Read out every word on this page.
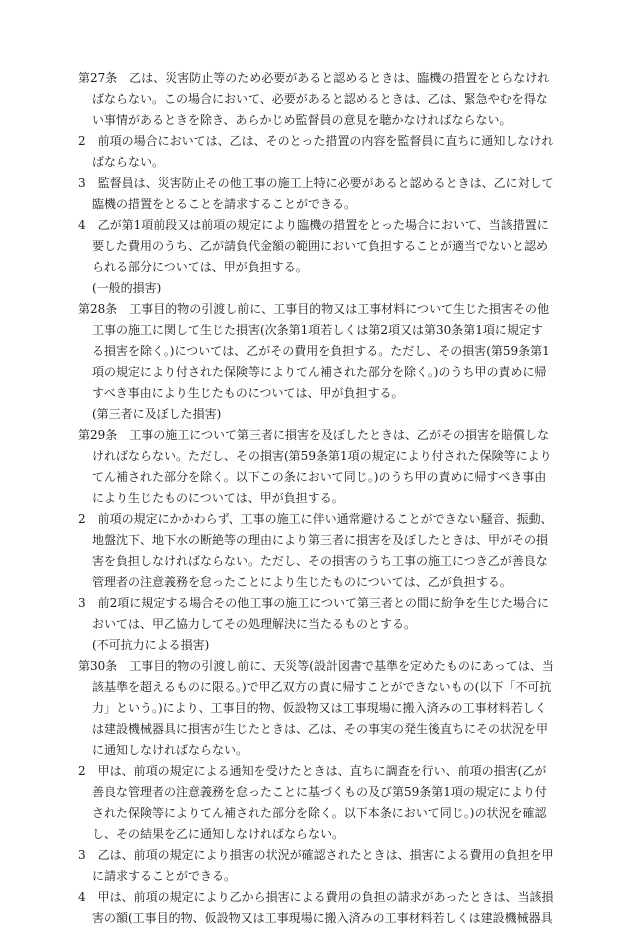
第27条　乙は、災害防止等のため必要があると認めるときは、臨機の措置をとらなければならない。この場合において、必要があると認めるときは、乙は、緊急やむを得ない事情があるときを除き、あらかじめ監督員の意見を聴かなければならない。

2　前項の場合においては、乙は、そのとった措置の内容を監督員に直ちに通知しなければならない。

3　監督員は、災害防止その他工事の施工上特に必要があると認めるときは、乙に対して臨機の措置をとることを請求することができる。

4　乙が第1項前段又は前項の規定により臨機の措置をとった場合において、当該措置に要した費用のうち、乙が請負代金額の範囲において負担することが適当でないと認められる部分については、甲が負担する。

(一般的損害)

第28条　工事目的物の引渡し前に、工事目的物又は工事材料について生じた損害その他工事の施工に関して生じた損害(次条第1項若しくは第2項又は第30条第1項に規定する損害を除く。)については、乙がその費用を負担する。ただし、その損害(第59条第1項の規定により付された保険等によりてん補された部分を除く。)のうち甲の責めに帰すべき事由により生じたものについては、甲が負担する。

(第三者に及ぼした損害)

第29条　工事の施工について第三者に損害を及ぼしたときは、乙がその損害を賠償しなければならない。ただし、その損害(第59条第1項の規定により付された保険等によりてん補された部分を除く。以下この条において同じ。)のうち甲の責めに帰すべき事由により生じたものについては、甲が負担する。

2　前項の規定にかかわらず、工事の施工に伴い通常避けることができない騒音、振動、地盤沈下、地下水の断絶等の理由により第三者に損害を及ぼしたときは、甲がその損害を負担しなければならない。ただし、その損害のうち工事の施工につき乙が善良な管理者の注意義務を怠ったことにより生じたものについては、乙が負担する。

3　前2項に規定する場合その他工事の施工について第三者との間に紛争を生じた場合においては、甲乙協力してその処理解決に当たるものとする。

(不可抗力による損害)

第30条　工事目的物の引渡し前に、天災等(設計図書で基準を定めたものにあっては、当該基準を超えるものに限る。)で甲乙双方の責に帰すことができないもの(以下「不可抗力」という。)により、工事目的物、仮設物又は工事現場に搬入済みの工事材料若しくは建設機械器具に損害が生じたときは、乙は、その事実の発生後直ちにその状況を甲に通知しなければならない。

2　甲は、前項の規定による通知を受けたときは、直ちに調査を行い、前項の損害(乙が善良な管理者の注意義務を怠ったことに基づくもの及び第59条第1項の規定により付された保険等によりてん補された部分を除く。以下本条において同じ。)の状況を確認し、その結果を乙に通知しなければならない。

3　乙は、前項の規定により損害の状況が確認されたときは、損害による費用の負担を甲に請求することができる。

4　甲は、前項の規定により乙から損害による費用の負担の請求があったときは、当該損害の額(工事目的物、仮設物又は工事現場に搬入済みの工事材料若しくは建設機械器具
